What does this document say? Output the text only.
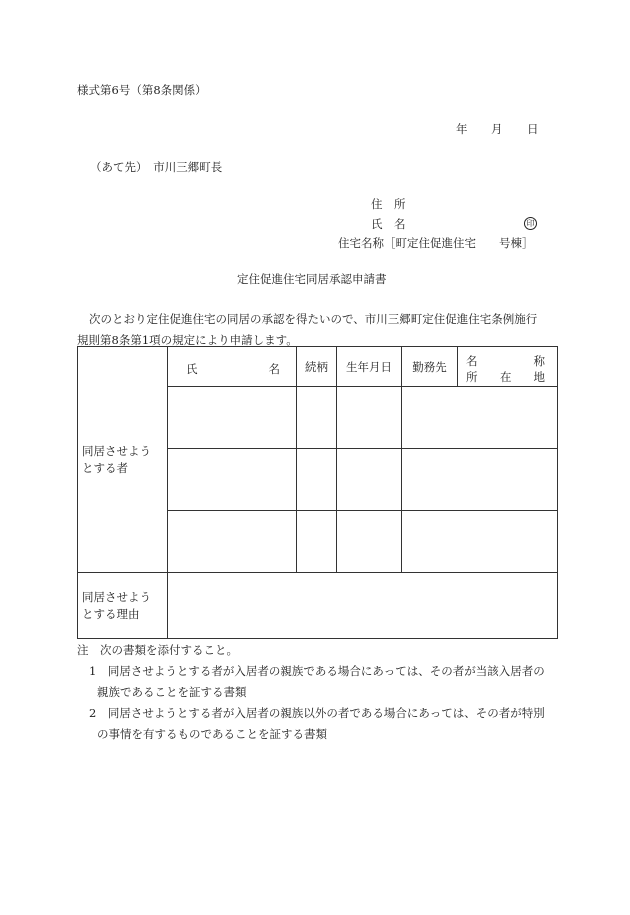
様式第6号（第8条関係）
年 月 日
（あて先）　市川三郷町長
住　所
氏　名	印
住宅名称［町定住促進住宅　　号棟］
定住促進住宅同居承認申請書
次のとおり定住促進住宅の同居の承認を得たいので、市川三郷町定住促進住宅条例施行
規則第8条第1項の規定により申請します。
同居させよう
とする者	氏 名	続柄	生年月日	勤務先	名 称
所 在 地

同居させよう
とする理由					

注　次の書類を添付すること。
1　同居させようとする者が入居者の親族である場合にあっては、その者が当該入居者の
親族であることを証する書類
2　同居させようとする者が入居者の親族以外の者である場合にあっては、その者が特別
の事情を有するものであることを証する書類
